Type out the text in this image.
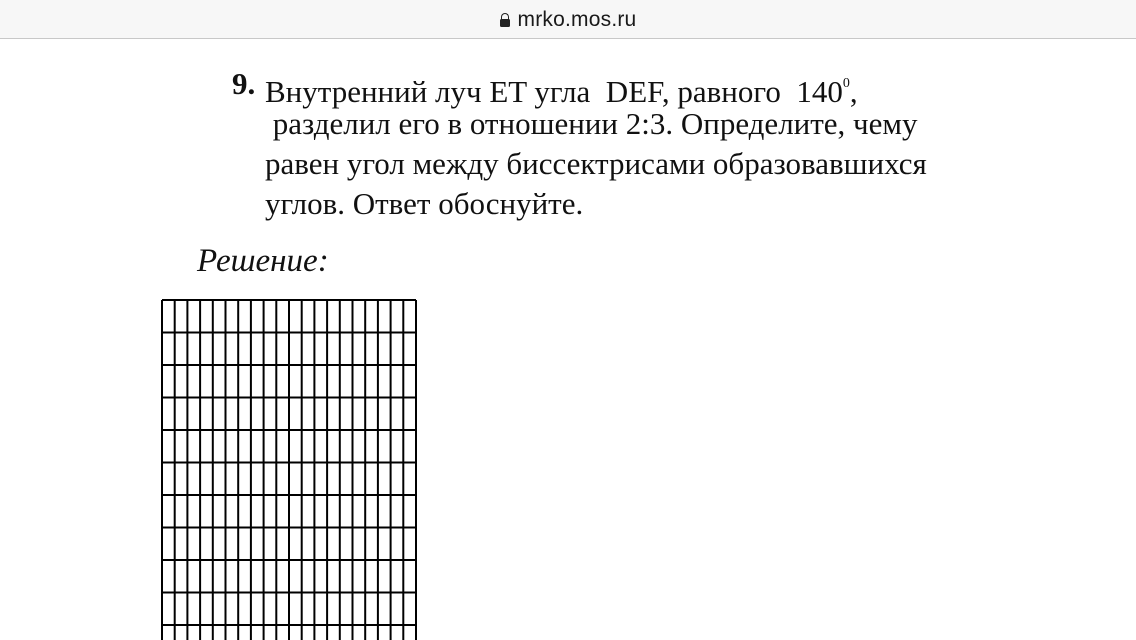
mrko.mos.ru
9. Внутренний луч ET угла  DEF, равного  $140^0$,
разделил его в отношении 2:3. Определите, чему
равен угол между биссектрисами образовавшихся
углов. Ответ обоснуйте.
Решение:
